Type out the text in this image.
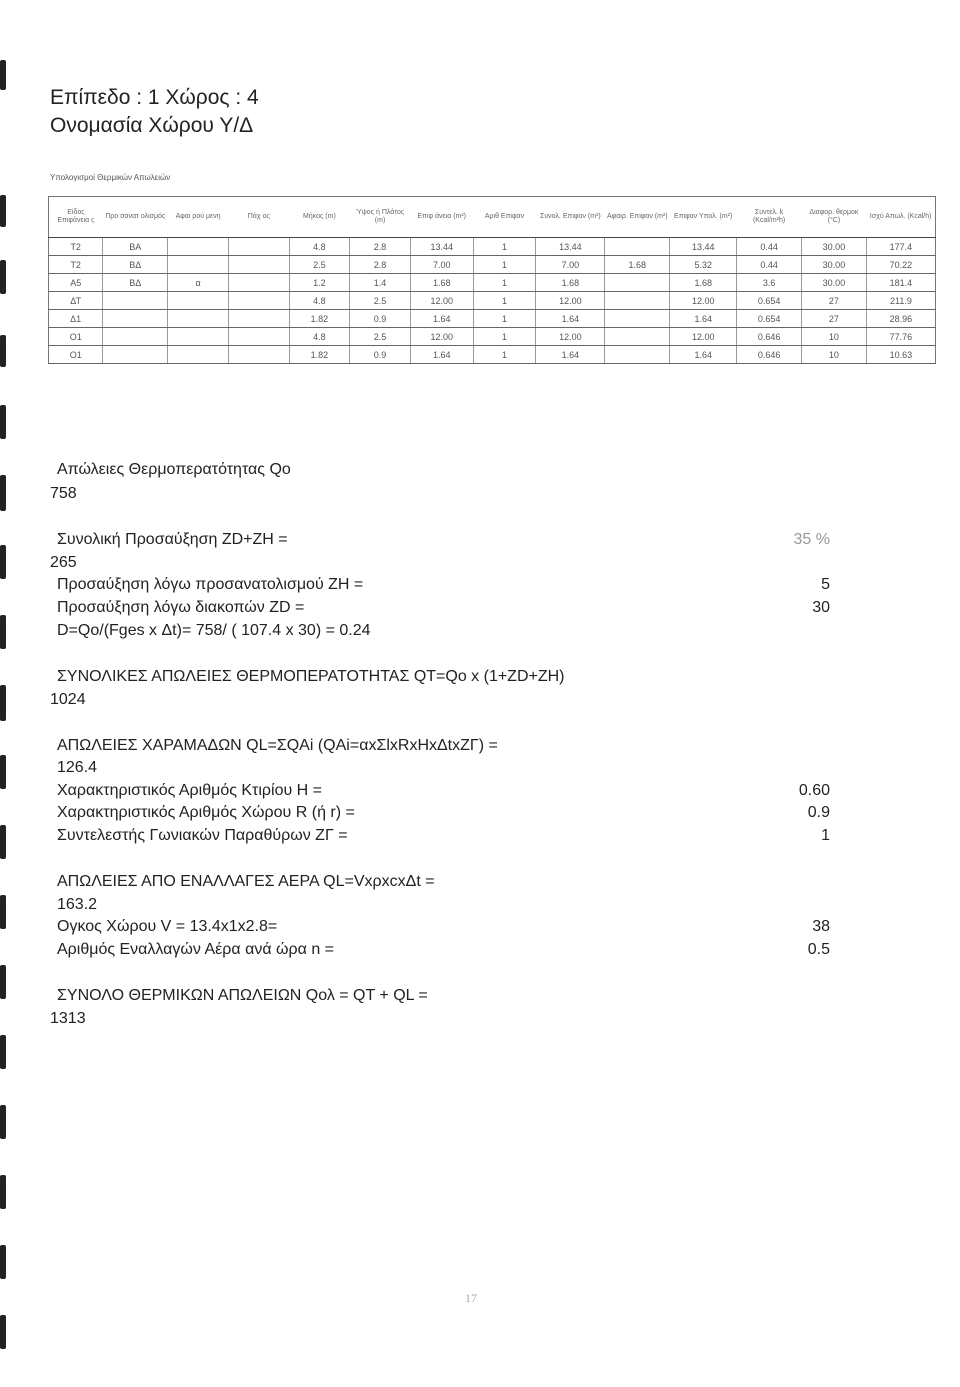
Επίπεδο : 1 Χώρος : 4
Ονομασία Χώρου Υ/Δ
Υπολογισμοί Θερμικών Απωλειών
Είδος Επιφάνεια ς	Προ σανατ ολισμός	Αφαι ρού μενη	Πάχ ος	Μήκος (m)	Ύψος ή Πλάτος (m)	Επιφ άνεια (m²)	Αριθ Επιφαν	Συνολ. Επιφαν (m²)	Αφαιρ. Επιφαν (m²)	Επιφαν Υπολ. (m²)	Συντελ. k (Kcal/m²h)	Διαφορ. θερμοκ (°C)	Ισχύ Απωλ. (Kcal/h)
Τ2	ΒΑ			4.8	2.8	13.44	1	13.44		13.44	0.44	30.00	177.4
Τ2	ΒΔ			2.5	2.8	7.00	1	7.00	1.68	5.32	0.44	30.00	70.22
Α5	ΒΔ	α		1.2	1.4	1.68	1	1.68		1.68	3.6	30.00	181.4
ΔΤ				4.8	2.5	12.00	1	12.00		12.00	0.654	27	211.9
Δ1				1.82	0.9	1.64	1	1.64		1.64	0.654	27	28.96
Ο1				4.8	2.5	12.00	1	12.00		12.00	0.646	10	77.76
Ο1				1.82	0.9	1.64	1	1.64		1.64	0.646	10	10.63
Απώλειες Θερμοπερατότητας Qo
758
Συνολική Προσαύξηση ZD+ZH =	35 %
265
Προσαύξηση λόγω προσανατολισμού ΖΗ =	5
Προσαύξηση λόγω διακοπών ZD =	30
D=Qo/(Fges x Δt)= 758/ ( 107.4 x 30) = 0.24
ΣΥΝΟΛΙΚΕΣ ΑΠΩΛΕΙΕΣ ΘΕΡΜΟΠΕΡΑΤΟΤΗΤΑΣ QT=Qo x (1+ZD+ZH)
1024
ΑΠΩΛΕΙΕΣ ΧΑΡΑΜΑΔΩΝ QL=ΣQAi (QAi=αxΣlxRxHxΔtxZΓ) =
126.4
Χαρακτηριστικός Αριθμός Κτιρίου Η =	0.60
Χαρακτηριστικός Αριθμός Χώρου R (ή r) =	0.9
Συντελεστής Γωνιακών Παραθύρων ΖΓ =	1
ΑΠΩΛΕΙΕΣ ΑΠΟ ΕΝΑΛΛΑΓΕΣ ΑΕΡΑ QL=VxρxcxΔt =
163.2
Ογκος Χώρου V = 13.4x1x2.8=	38
Αριθμός Εναλλαγών Αέρα ανά ώρα n =	0.5
ΣΥΝΟΛΟ ΘΕΡΜΙΚΩΝ ΑΠΩΛΕΙΩΝ Qολ = QT + QL =
1313
17
